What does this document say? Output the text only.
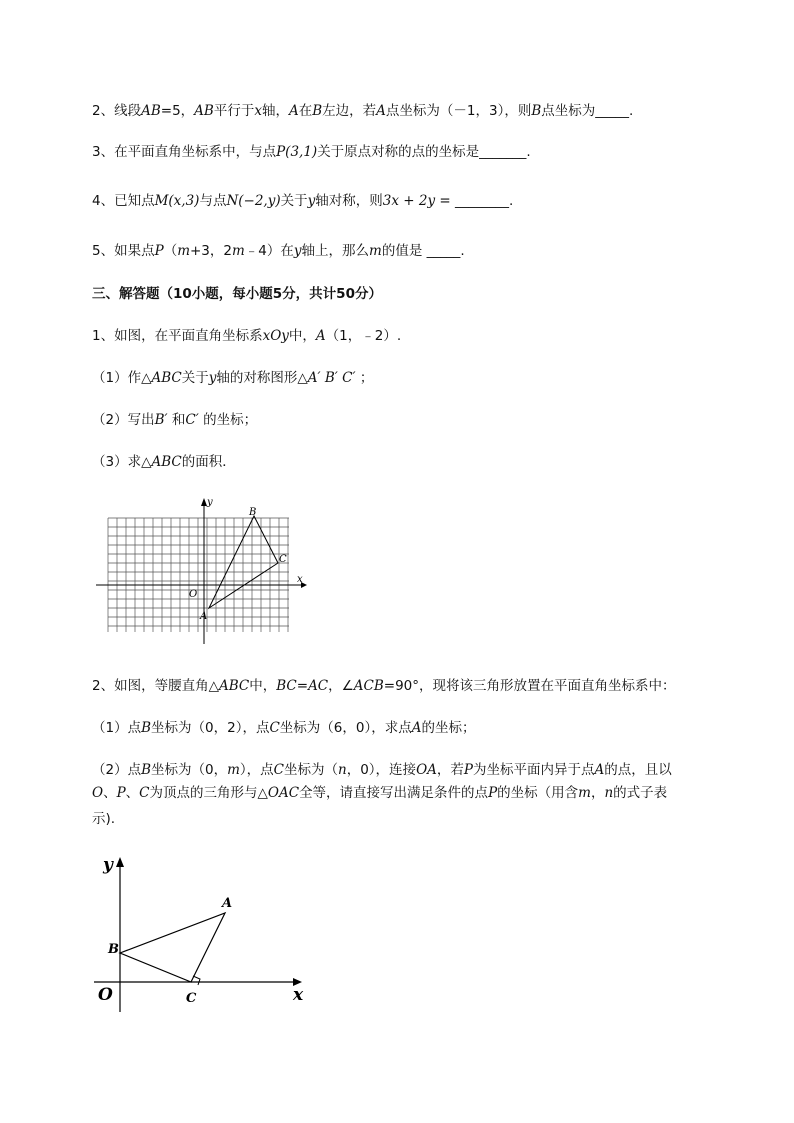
2、线段AB=5，AB平行于x轴，A在B左边，若A点坐标为（－1，3），则B点坐标为_____.
3、在平面直角坐标系中，与点P(3,1)关于原点对称的点的坐标是_______.
4、已知点M(x,3)与点N(−2,y)关于y轴对称，则3x + 2y = ________.
5、如果点P（m+3，2m﹣4）在y轴上，那么m的值是 _____.
三、解答题（10小题，每小题5分，共计50分）
1、如图，在平面直角坐标系xOy中，A（1，﹣2）.
（1）作△ABC关于y轴的对称图形△A′ B′ C′ ；
（2）写出B′ 和C′ 的坐标；
（3）求△ABC的面积．
y
x
O
A
B
C
2、如图，等腰直角△ABC中，BC=AC，∠ACB=90°，现将该三角形放置在平面直角坐标系中：
（1）点B坐标为（0，2），点C坐标为（6，0），求点A的坐标；
（2）点B坐标为（0，m），点C坐标为（n，0），连接OA，若P为坐标平面内异于点A的点，且以
O、P、C为顶点的三角形与△OAC全等，请直接写出满足条件的点P的坐标（用含m，n的式子表
示).
y
x
O
B
A
C
